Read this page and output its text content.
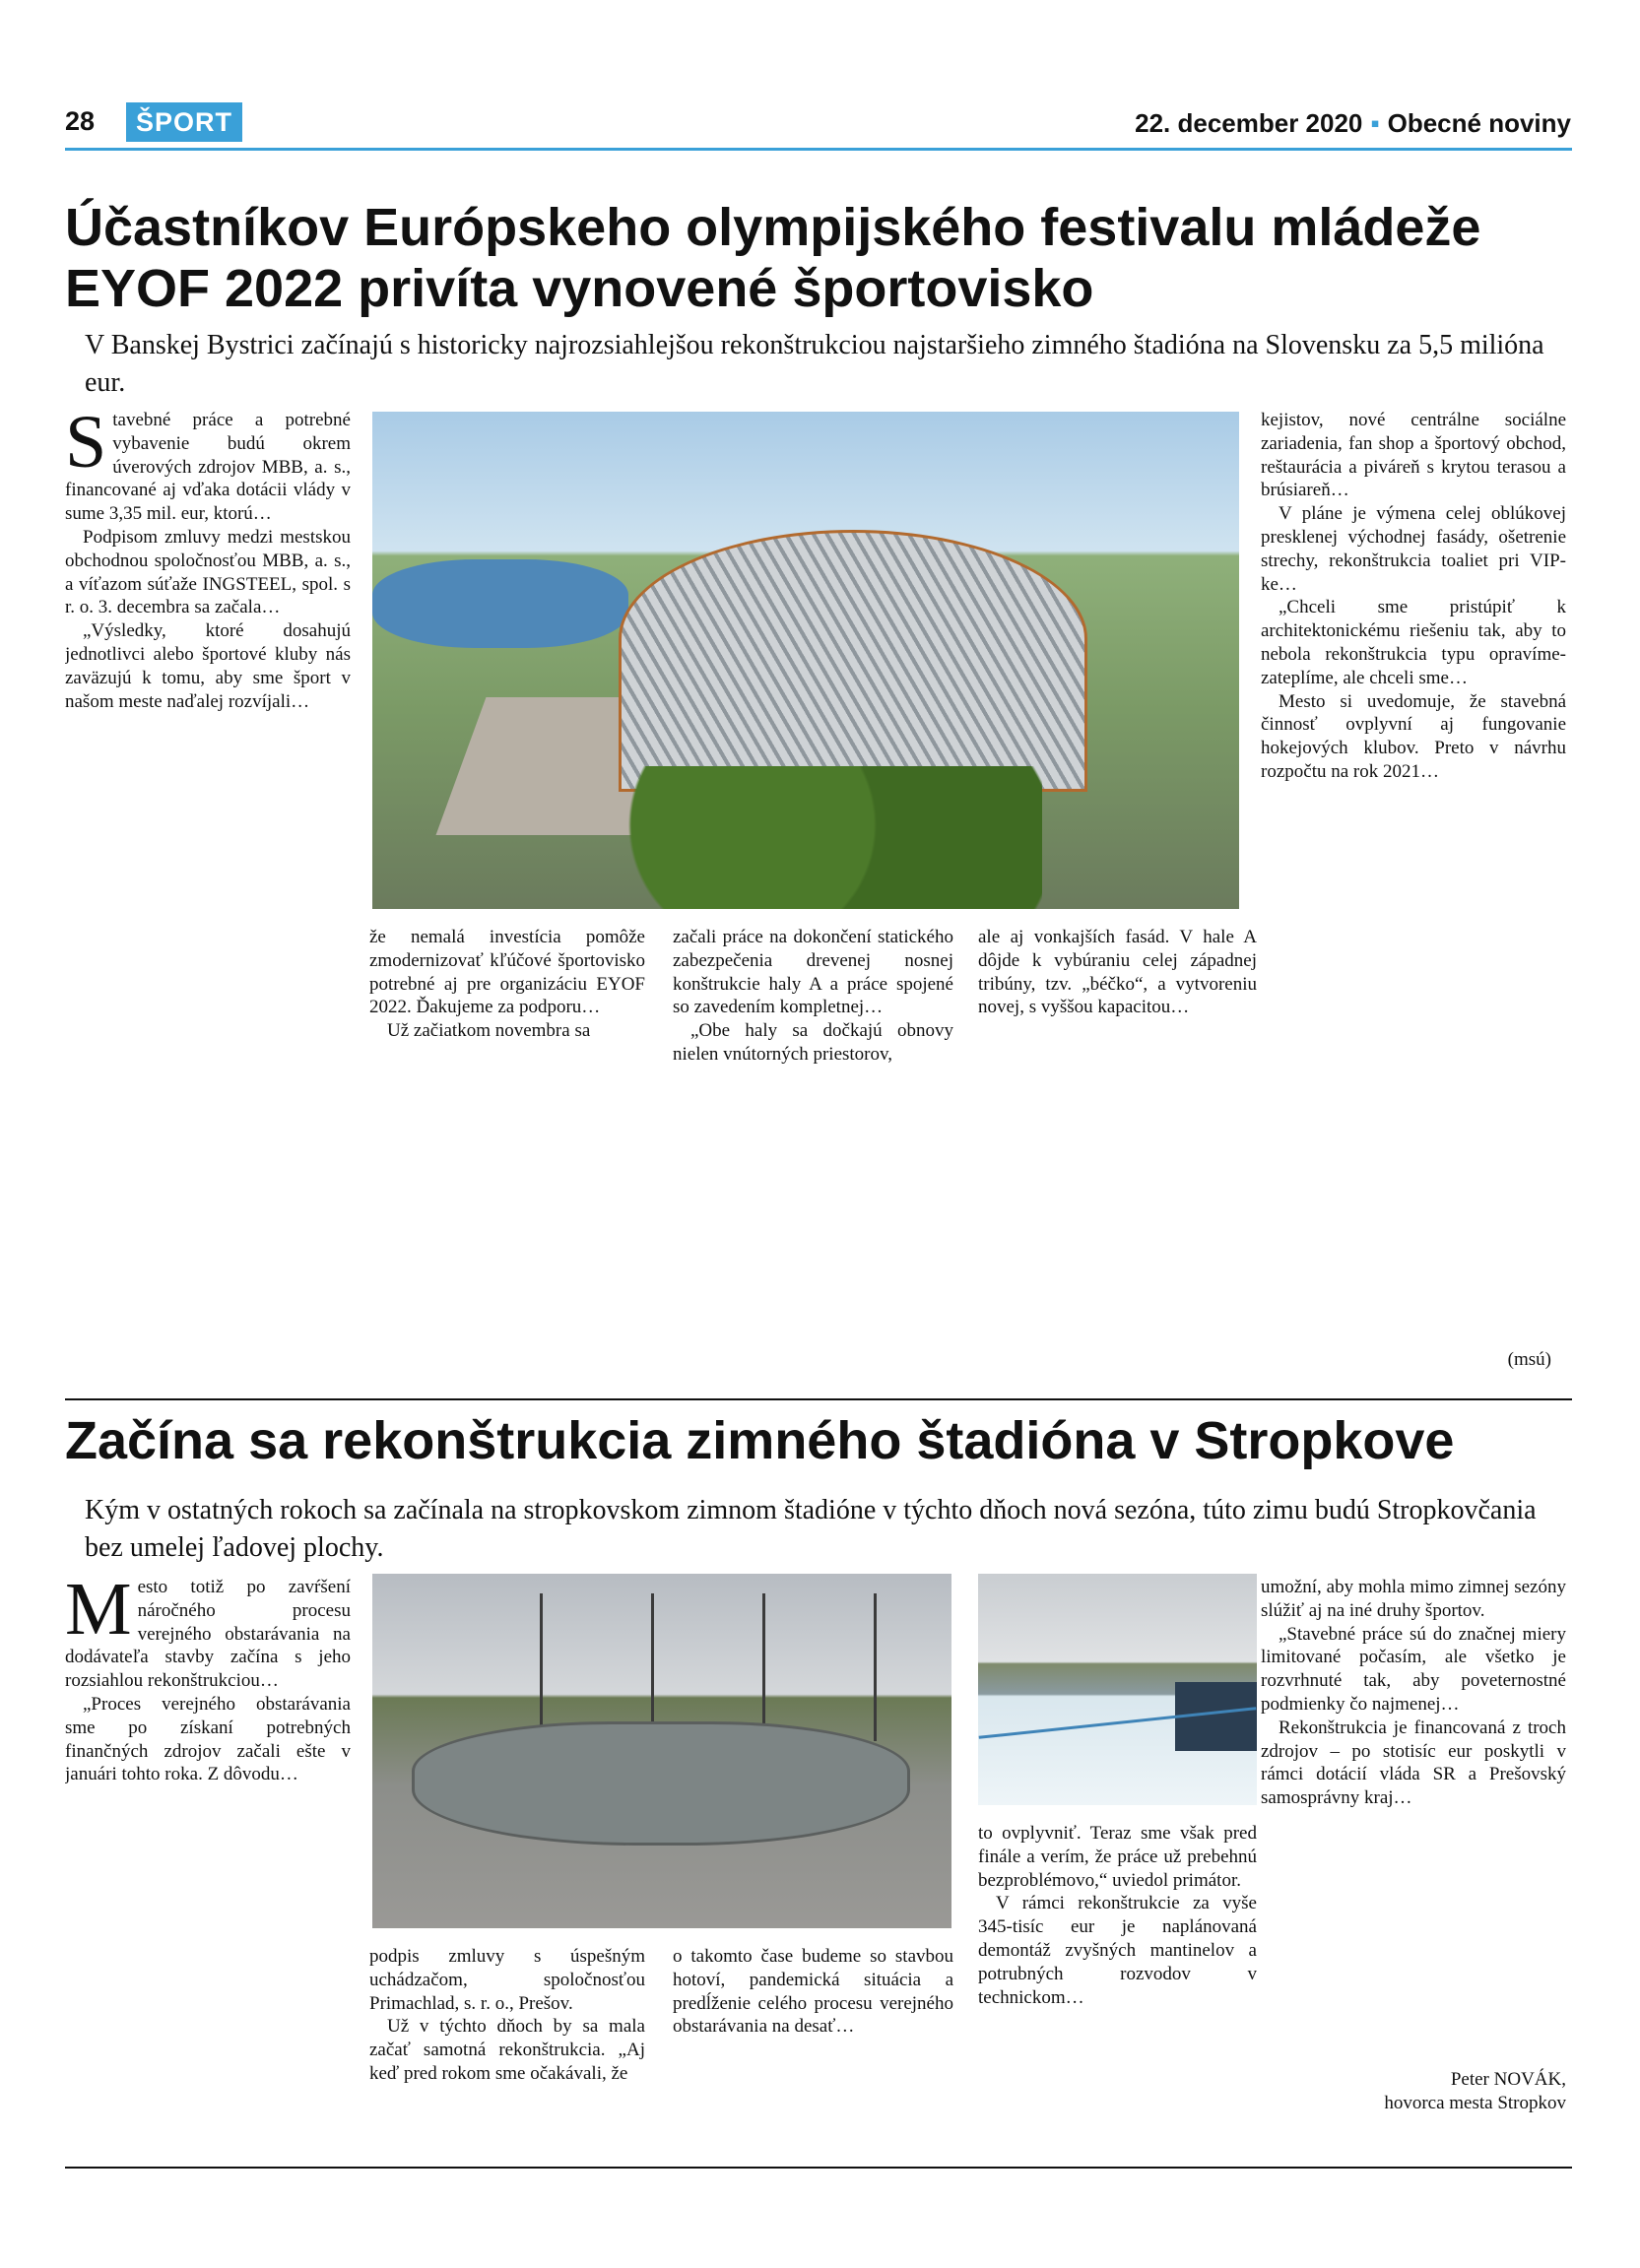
28	ŠPORT	22. december 2020 ▪ Obecné noviny
Účastníkov Európskeho olympijského festivalu mládeže EYOF 2022 privíta vynovené športovisko
V Banskej Bystrici začínajú s historicky najrozsiahlejšou rekonštrukciou najstaršieho zimného štadióna na Slovensku za 5,5 milióna eur.

Stavebné práce a potrebné vybavenie budú okrem úverových zdrojov MBB, a. s., financované aj vďaka dotácii vlády v sume 3,35 mil. eur, ktorú…

Podpisom zmluvy medzi mestskou obchodnou spoločnosťou MBB, a. s., a víťazom súťaže INGSTEEL, spol. s r. o. 3. decembra sa začala…

„Výsledky, ktoré dosahujú jednotlivci alebo športové kluby nás zaväzujú k tomu, aby sme šport v našom meste naďalej rozvíjali…

že nemalá investícia pomôže zmodernizovať kľúčové športovisko potrebné aj pre organizáciu EYOF 2022. Ďakujeme za podporu…

Už začiatkom novembra sa

začali práce na dokončení statického zabezpečenia drevenej nosnej konštrukcie haly A a práce spojené so zavedením kompletnej…

„Obe haly sa dočkajú obnovy nielen vnútorných priestorov,

ale aj vonkajších fasád. V hale A dôjde k vybúraniu celej západnej tribúny, tzv. „béčko“, a vytvoreniu novej, s vyššou kapacitou…

kejistov, nové centrálne sociálne zariadenia, fan shop a športový obchod, reštaurácia a piváreň s krytou terasou a brúsiareň…

V pláne je výmena celej oblúkovej presklenej východnej fasády, ošetrenie strechy, rekonštrukcia toaliet pri VIP-ke…

„Chceli sme pristúpiť k architektonickému riešeniu tak, aby to nebola rekonštrukcia typu opravíme-zateplíme, ale chceli sme…

Mesto si uvedomuje, že stavebná činnosť ovplyvní aj fungovanie hokejových klubov. Preto v návrhu rozpočtu na rok 2021…

(msú)
Začína sa rekonštrukcia zimného štadióna v Stropkove
Kým v ostatných rokoch sa začínala na stropkovskom zimnom štadióne v týchto dňoch nová sezóna, túto zimu budú Stropkovčania bez umelej ľadovej plochy.

Mesto totiž po zavŕšení náročného procesu verejného obstarávania na dodávateľa stavby začína s jeho rozsiahlou rekonštrukciou…

„Proces verejného obstarávania sme po získaní potrebných finančných zdrojov začali ešte v januári tohto roka. Z dôvodu…

podpis zmluvy s úspešným uchádzačom, spoločnosťou Primachlad, s. r. o., Prešov.

Už v týchto dňoch by sa mala začať samotná rekonštrukcia. „Aj keď pred rokom sme očakávali, že

o takomto čase budeme so stavbou hotoví, pandemická situácia a predĺženie celého procesu verejného obstarávania na desať…

to ovplyvniť. Teraz sme však pred finále a verím, že práce už prebehnú bezproblémovo,“ uviedol primátor.

V rámci rekonštrukcie za vyše 345-tisíc eur je naplánovaná demontáž zvyšných mantinelov a potrubných rozvodov v technickom…

umožní, aby mohla mimo zimnej sezóny slúžiť aj na iné druhy športov.

„Stavebné práce sú do značnej miery limitované počasím, ale všetko je rozvrhnuté tak, aby poveternostné podmienky čo najmenej…

Rekonštrukcia je financovaná z troch zdrojov – po stotisíc eur poskytli v rámci dotácií vláda SR a Prešovský samosprávny kraj…

Peter NOVÁK,
hovorca mesta Stropkov
